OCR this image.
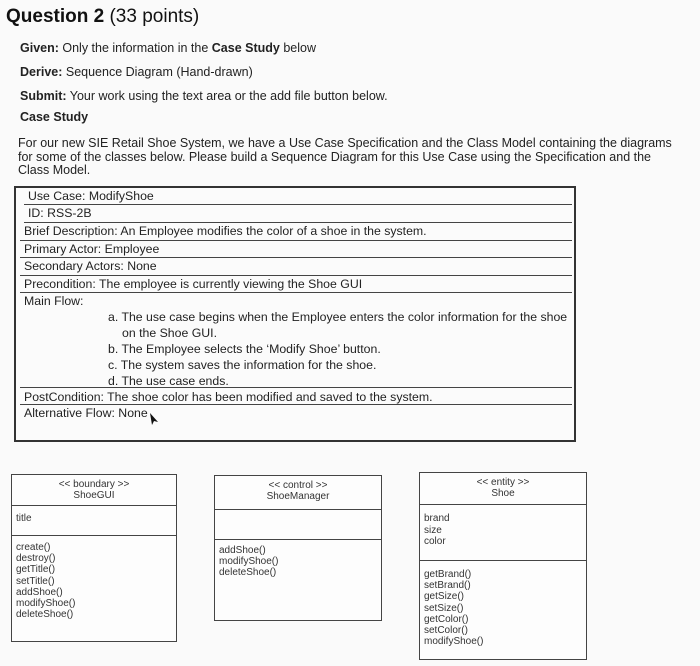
Question 2 (33 points)
Given: Only the information in the Case Study below
Derive: Sequence Diagram (Hand-drawn)
Submit: Your work using the text area or the add file button below.
Case Study
For our new SIE Retail Shoe System, we have a Use Case Specification and the Class Model containing the diagrams for some of the classes below. Please build a Sequence Diagram for this Use Case using the Specification and the Class Model.
Use Case: ModifyShoe
ID: RSS-2B
Brief Description: An Employee modifies the color of a shoe in the system.
Primary Actor: Employee
Secondary Actors: None
Precondition: The employee is currently viewing the Shoe GUI
Main Flow:
a. The use case begins when the Employee enters the color information for the shoe
on the Shoe GUI.
b. The Employee selects the ‘Modify Shoe’ button.
c. The system saves the information for the shoe.
d. The use case ends.
PostCondition: The shoe color has been modified and saved to the system.
Alternative Flow: None
<< boundary >>
ShoeGUI
title
create()
destroy()
getTitle()
setTitle()
addShoe()
modifyShoe()
deleteShoe()
<< control >>
ShoeManager
addShoe()
modifyShoe()
deleteShoe()
<< entity >>
Shoe
brand
size
color
getBrand()
setBrand()
getSize()
setSize()
getColor()
setColor()
modifyShoe()
